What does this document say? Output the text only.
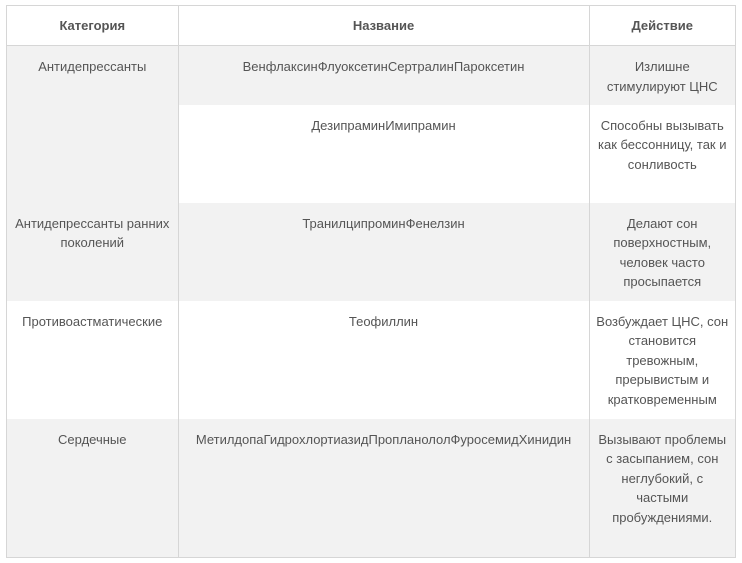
Категория	Название	Действие
Антидепрессанты	ВенфлаксинФлуоксетинСертралинПароксетин	Излишне стимулируют ЦНС
	ДезипраминИмипрамин	Способны вызывать как бессонницу, так и сонливость
Антидепрессанты ранних поколений	ТранилципроминФенелзин	Делают сон поверхностным, человек часто просыпается
Противоастматические	Теофиллин	Возбуждает ЦНС, сон становится тревожным, прерывистым и кратковременным
Сердечные	МетилдопаГидрохлортиазидПропланололФуросемидХинидин	Вызывают проблемы с засыпанием, сон неглубокий, с частыми пробуждениями.
